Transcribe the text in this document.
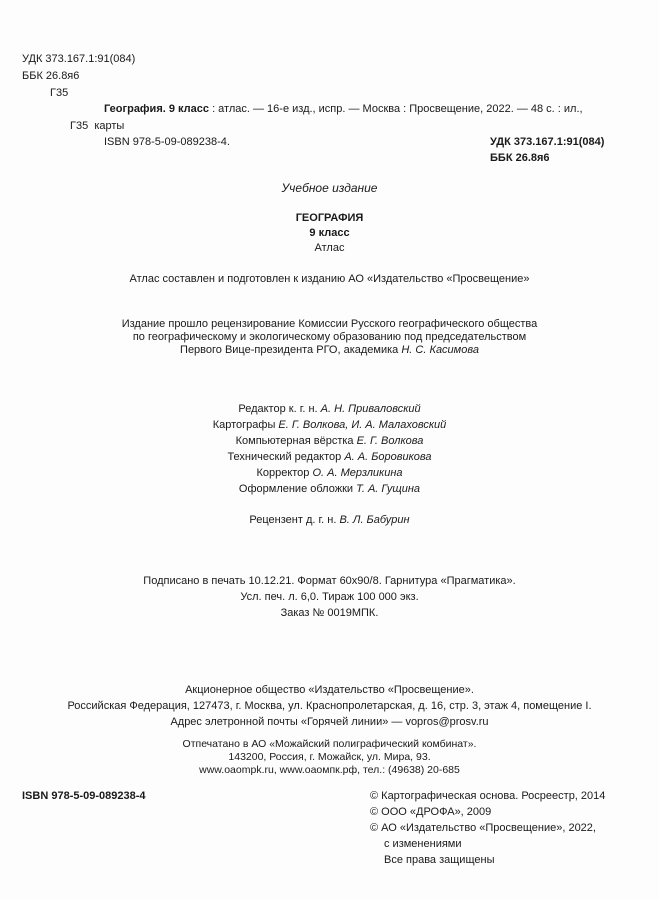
УДК 373.167.1:91(084)
ББК 26.8я6
Г35
География. 9 класс : атлас. — 16-е изд., испр. — Москва : Просвещение, 2022. — 48 с. : ил.,
Г35 карты
ISBN 978-5-09-089238-4.	УДК 373.167.1:91(084)
ББК 26.8я6
Учебное издание
ГЕОГРАФИЯ
9 класс
Атлас
Атлас составлен и подготовлен к изданию АО «Издательство «Просвещение»
Издание прошло рецензирование Комиссии Русского географического общества
по географическому и экологическому образованию под председательством
Первого Вице-президента РГО, академика Н. С. Касимова
Редактор к. г. н. А. Н. Приваловский
Картографы Е. Г. Волкова, И. А. Малаховский
Компьютерная вёрстка Е. Г. Волкова
Технический редактор А. А. Боровикова
Корректор О. А. Мерзликина
Оформление обложки Т. А. Гущина
Рецензент д. г. н. В. Л. Бабурин
Подписано в печать 10.12.21. Формат 60х90/8. Гарнитура «Прагматика».
Усл. печ. л. 6,0. Тираж 100 000 экз.
Заказ № 0019МПК.
Акционерное общество «Издательство «Просвещение».
Российская Федерация, 127473, г. Москва, ул. Краснопролетарская, д. 16, стр. 3, этаж 4, помещение I.
Адрес элетронной почты «Горячей линии» — vopros@prosv.ru
Отпечатано в АО «Можайский полиграфический комбинат».
143200, Россия, г. Можайск, ул. Мира, 93.
www.oaompk.ru, www.oaомпк.рф, тел.: (49638) 20-685
ISBN 978-5-09-089238-4	© Картографическая основа. Росреестр, 2014
© ООО «ДРОФА», 2009
© АО «Издательство «Просвещение», 2022,
с изменениями
Все права защищены
